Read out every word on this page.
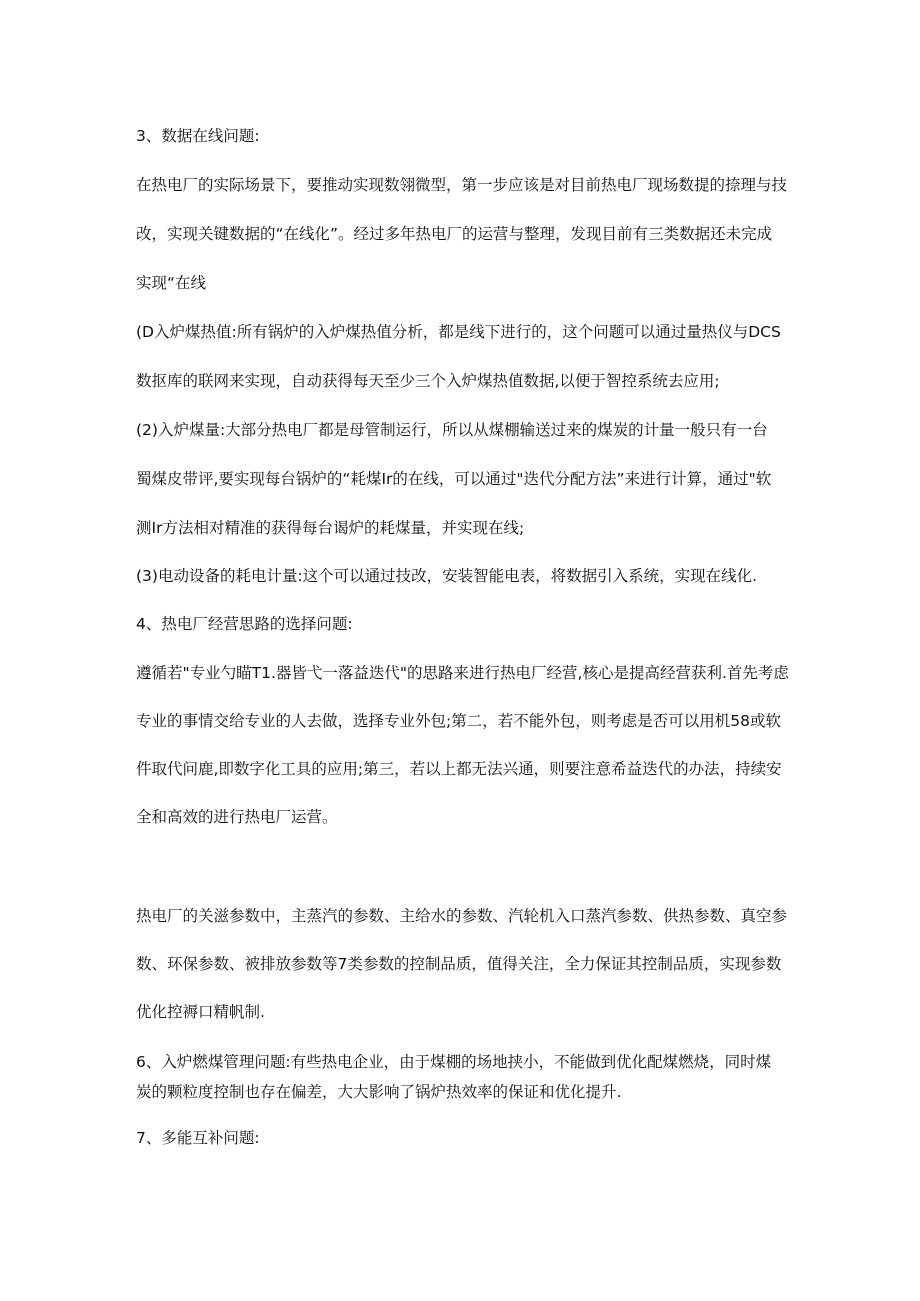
3、数据在线问题:
在热电厂的实际场景下，要推动实现数翎微型，第一步应该是对目前热电厂现场数提的捺理与技
改，实现关键数据的“在线化”。经过多年热电厂的运营与整理，发现目前有三类数据还未完成
实现“在线
(D入炉煤热值:所有锅炉的入炉煤热值分析，都是线下进行的，这个问题可以通过量热仪与DCS
数抠库的联网来实现，自动获得每天至少三个入炉煤热值数据,以便于智控系统去应用;
(2)入炉煤量:大部分热电厂都是母管制运行，所以从煤棚输送过来的煤炭的计量一般只有一台
蜀煤皮带评,要实现每台锅炉的“耗煤Ir的在线，可以通过"迭代分配方法”来进行计算，通过"软
测Ir方法相对精准的获得每台谒炉的耗煤量，并实现在线;
(3)电动设备的耗电计量:这个可以通过技改，安装智能电表，将数据引入系统，实现在线化.
4、热电厂经营思路的选择问题:
遵循若"专业勺瞄T1.器皆弋一落益迭代"的思路来进行热电厂经营,核心是提高经营获利.首先考虑
专业的事情交给专业的人去做，选择专业外包;第二，若不能外包，则考虑是否可以用机58或软
件取代问鹿,即数字化工具的应用;第三，若以上都无法兴通，则要注意希益迭代的办法，持续安
全和高效的进行热电厂运营。
热电厂的关滋参数中，主蒸汽的参数、主给水的参数、汽轮机入口蒸汽参数、供热参数、真空参
数、环保参数、被排放参数等7类参数的控制品质，值得关注，全力保证其控制品质，实现参数
优化控褥口精帆制.
6、入炉燃煤管理问题:有些热电企业，由于煤棚的场地挟小，不能做到优化配煤燃烧，同时煤
炭的颗粒度控制也存在偏差，大大影响了锅炉热效率的保证和优化提升.
7、多能互补问题:
